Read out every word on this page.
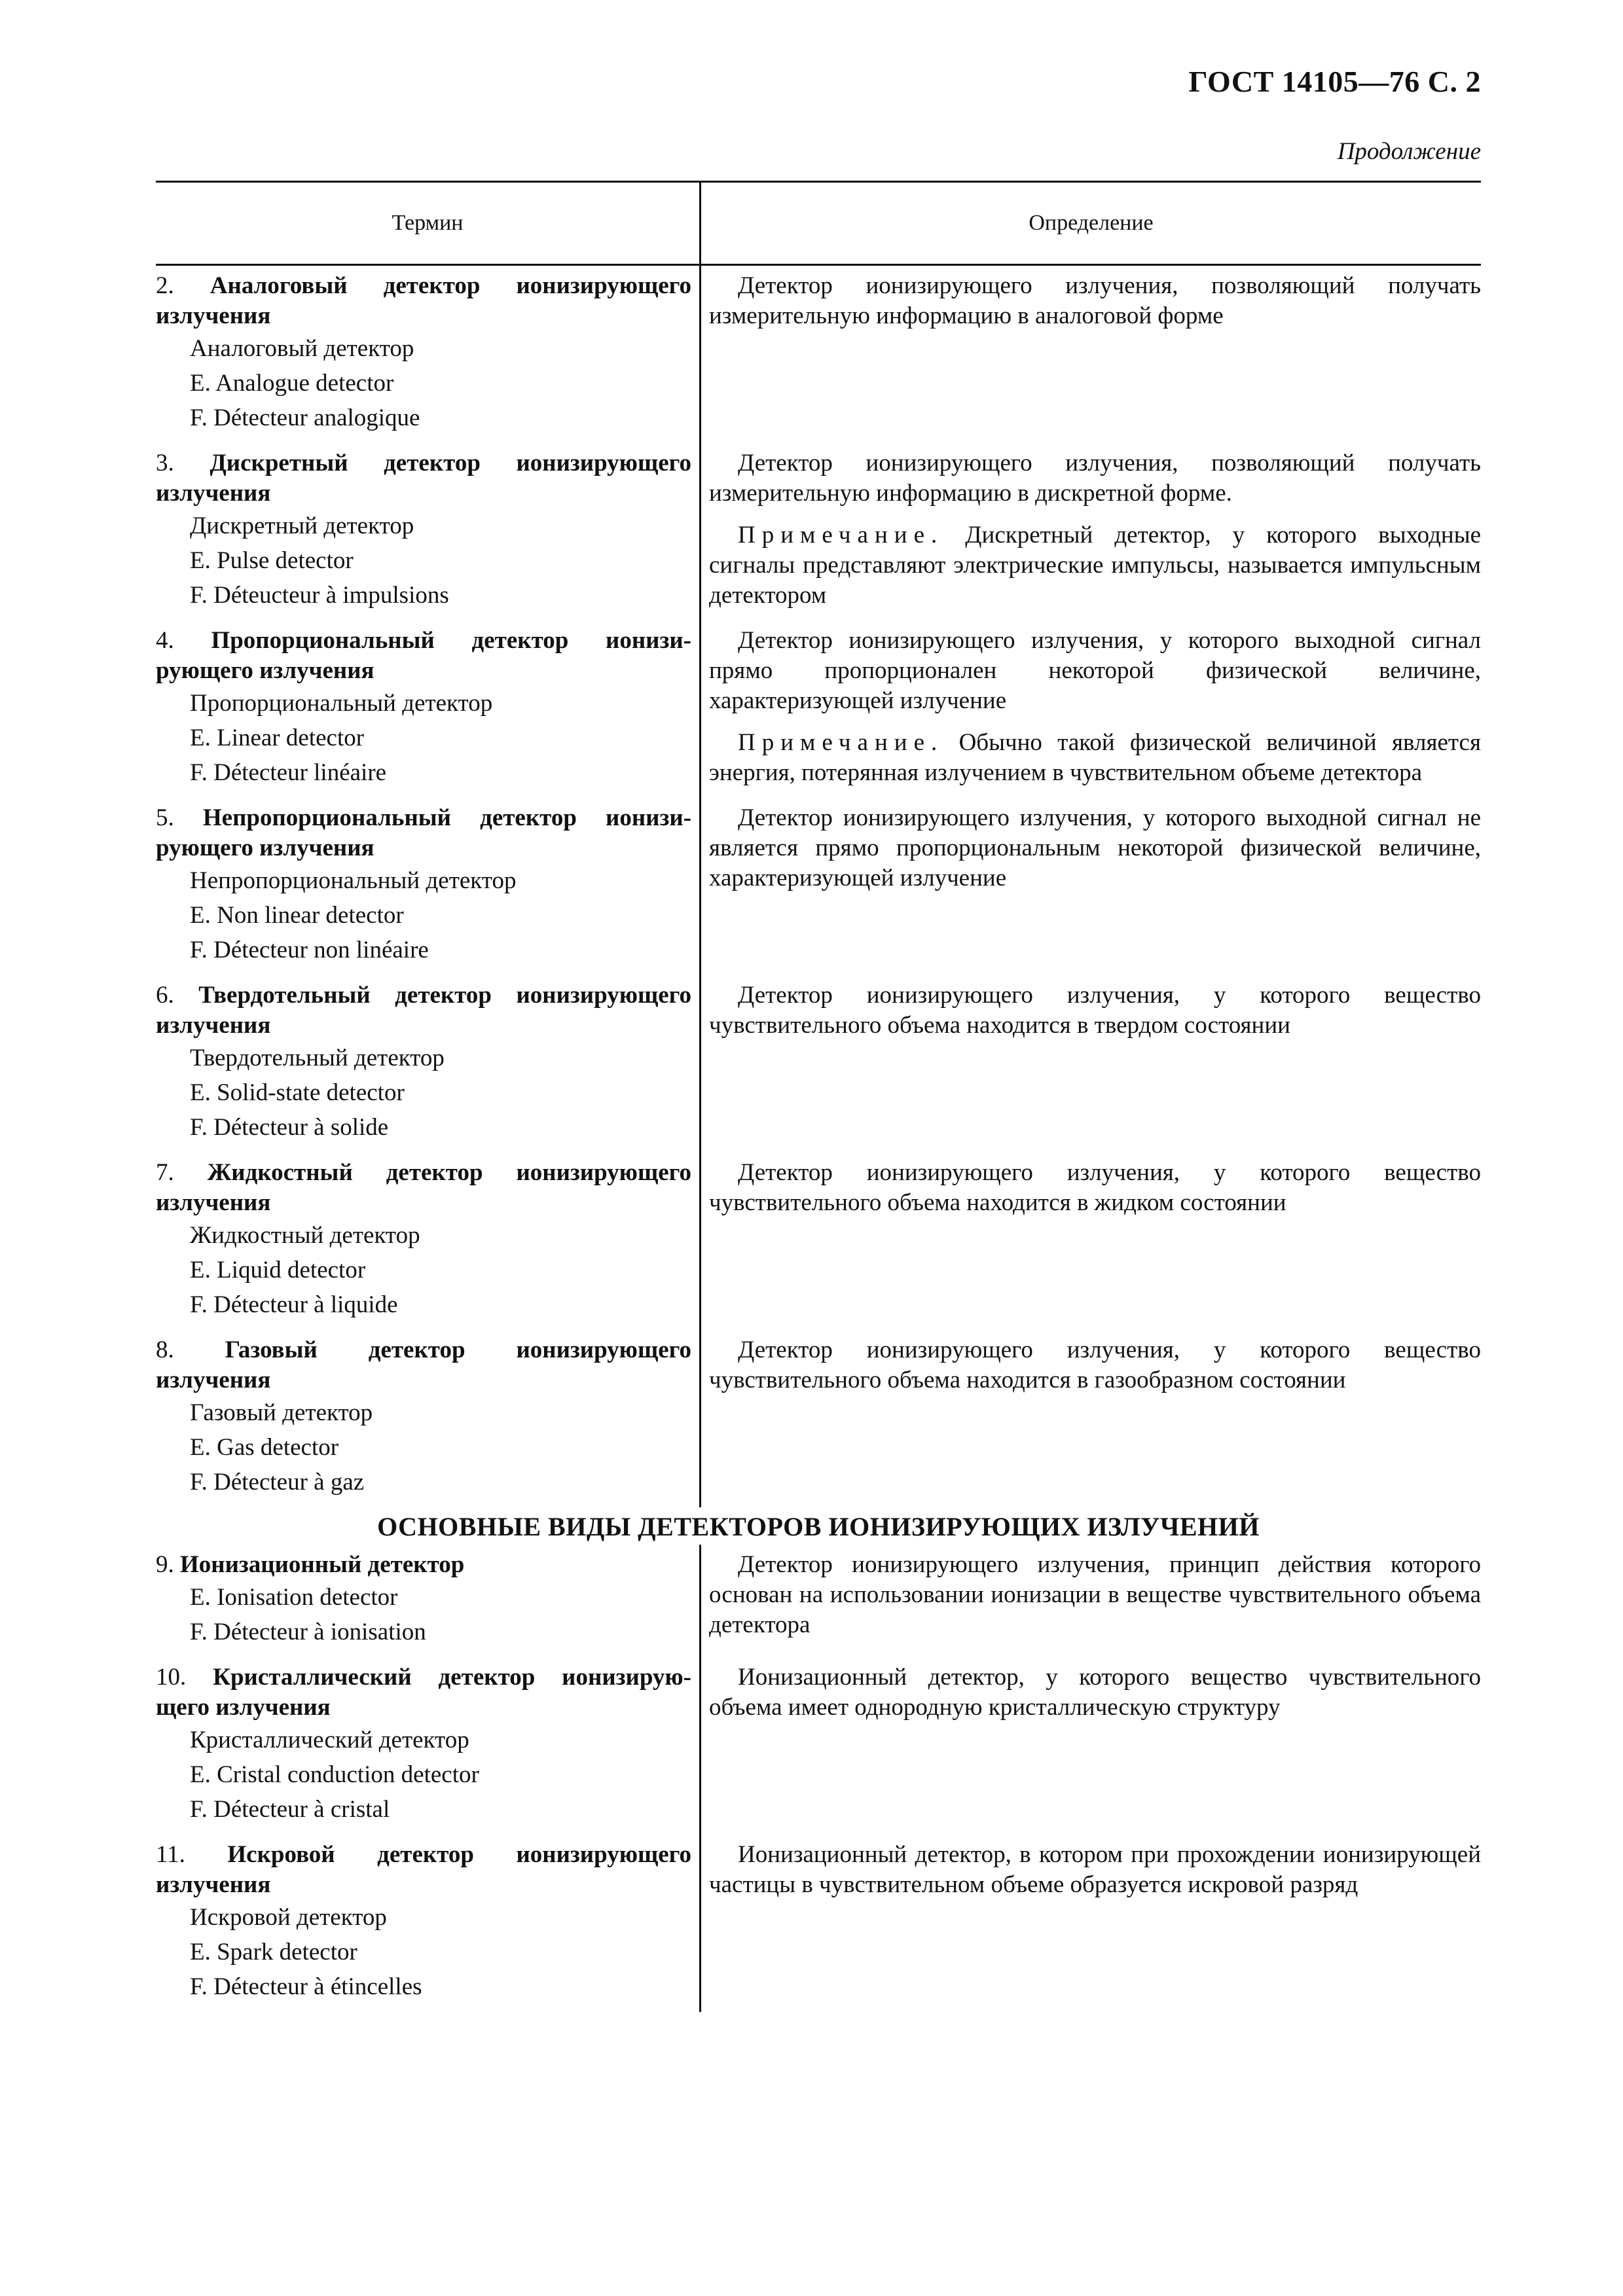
ГОСТ 14105—76 С. 2
Продолжение
Термин	Определение
2. Аналоговый детектор ионизирующего
излучения
Аналоговый детектор
E. Analogue detector
F. Détecteur analogique
Детектор ионизирующего излучения, позволяющий получать измерительную информацию в аналоговой форме
3. Дискретный детектор ионизирующего
излучения
Дискретный детектор
E. Pulse detector
F. Déteucteur à impulsions
Детектор ионизирующего излучения, позволяющий получать измерительную информацию в дискретной форме.
Примечание. Дискретный детектор, у которого выходные сигналы представляют электрические импульсы, называется импульсным детектором
4. Пропорциональный детектор ионизи-
рующего излучения
Пропорциональный детектор
E. Linear detector
F. Détecteur linéaire
Детектор ионизирующего излучения, у которого выходной сигнал прямо пропорционален некоторой физической величине, характеризующей излучение
Примечание. Обычно такой физической величиной является энергия, потерянная излучением в чувствительном объеме детектора
5. Непропорциональный детектор ионизи-
рующего излучения
Непропорциональный детектор
E. Non linear detector
F. Détecteur non linéaire
Детектор ионизирующего излучения, у которого выходной сигнал не является прямо пропорциональным некоторой физической величине, характеризующей излучение
6. Твердотельный детектор ионизирующего
излучения
Твердотельный детектор
E. Solid-state detector
F. Détecteur à solide
Детектор ионизирующего излучения, у которого вещество чувствительного объема находится в твердом состоянии
7. Жидкостный детектор ионизирующего
излучения
Жидкостный детектор
E. Liquid detector
F. Détecteur à liquide
Детектор ионизирующего излучения, у которого вещество чувствительного объема находится в жидком состоянии
8. Газовый детектор ионизирующего
излучения
Газовый детектор
E. Gas detector
F. Détecteur à gaz
Детектор ионизирующего излучения, у которого вещество чувствительного объема находится в газообразном состоянии
ОСНОВНЫЕ ВИДЫ ДЕТЕКТОРОВ ИОНИЗИРУЮЩИХ ИЗЛУЧЕНИЙ
9. Ионизационный детектор
E. Ionisation detector
F. Détecteur à ionisation
Детектор ионизирующего излучения, принцип действия которого основан на использовании ионизации в веществе чувствительного объема детектора
10. Кристаллический детектор ионизирую-
щего излучения
Кристаллический детектор
E. Cristal conduction detector
F. Détecteur à cristal
Ионизационный детектор, у которого вещество чувствительного объема имеет однородную кристаллическую структуру
11. Искровой детектор ионизирующего
излучения
Искровой детектор
E. Spark detector
F. Détecteur à étincelles
Ионизационный детектор, в котором при прохождении ионизирующей частицы в чувствительном объеме образуется искровой разряд
